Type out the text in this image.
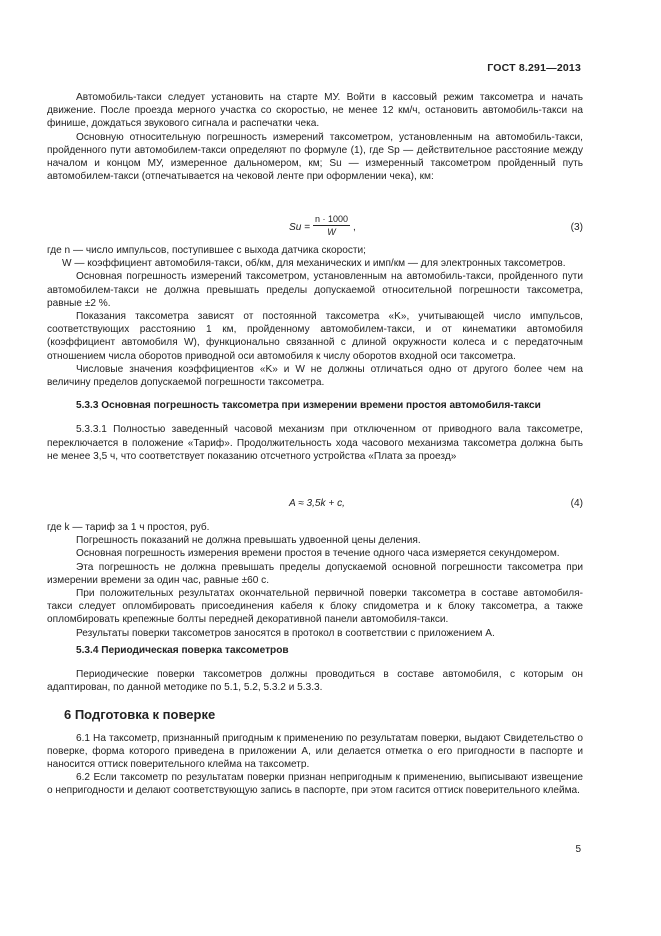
ГОСТ 8.291—2013

Автомобиль-такси следует установить на старте МУ. Войти в кассовый режим таксометра и начать движение. После проезда мерного участка со скоростью, не менее 12 км/ч, остановить автомобиль-такси на финише, дождаться звукового сигнала и распечатки чека.

Основную относительную погрешность измерений таксометром, установленным на автомобиль-такси, пройденного пути автомобилем-такси определяют по формуле (1), где Sp — действительное расстояние между началом и концом МУ, измеренное дальномером, км; Su — измеренный таксометром пройденный путь автомобилем-такси (отпечатывается на чековой ленте при оформлении чека), км:

$Su = \frac{n \cdot 1000}{W}$ ,	(3)

где n — число импульсов, поступившее с выхода датчика скорости;

W — коэффициент автомобиля-такси, об/км, для механических и имп/км — для электронных таксометров.

Основная погрешность измерений таксометром, установленным на автомобиль-такси, пройденного пути автомобилем-такси не должна превышать пределы допускаемой относительной погрешности таксометра, равные ±2 %.

Показания таксометра зависят от постоянной таксометра «K», учитывающей число импульсов, соответствующих расстоянию 1 км, пройденному автомобилем-такси, и от кинематики автомобиля (коэффициент автомобиля W), функционально связанной с длиной окружности колеса и с передаточным отношением числа оборотов приводной оси автомобиля к числу оборотов входной оси таксометра.

Числовые значения коэффициентов «K» и W не должны отличаться одно от другого более чем на величину пределов допускаемой погрешности таксометра.

5.3.3 Основная погрешность таксометра при измерении времени простоя автомобиля-такси

5.3.3.1 Полностью заведенный часовой механизм при отключенном от приводного вала таксометре, переключается в положение «Тариф». Продолжительность хода часового механизма таксометра должна быть не менее 3,5 ч, что соответствует показанию отсчетного устройства «Плата за проезд»

A ≈ 3,5k + c,	(4)

где k — тариф за 1 ч простоя, руб.

Погрешность показаний не должна превышать удвоенной цены деления.

Основная погрешность измерения времени простоя в течение одного часа измеряется секундомером.

Эта погрешность не должна превышать пределы допускаемой основной погрешности таксометра при измерении времени за один час, равные ±60 с.

При положительных результатах окончательной первичной поверки таксометра в составе автомобиля-такси следует опломбировать присоединения кабеля к блоку спидометра и к блоку таксометра, а также опломбировать крепежные болты передней декоративной панели автомобиля-такси.

Результаты поверки таксометров заносятся в протокол в соответствии с приложением А.

5.3.4 Периодическая поверка таксометров

Периодические поверки таксометров должны проводиться в составе автомобиля, с которым он адаптирован, по данной методике по 5.1, 5.2, 5.3.2 и 5.3.3.

6 Подготовка к поверке

6.1 На таксометр, признанный пригодным к применению по результатам поверки, выдают Свидетельство о поверке, форма которого приведена в приложении А, или делается отметка о его пригодности в паспорте и наносится оттиск поверительного клейма на таксометр.

6.2 Если таксометр по результатам поверки признан непригодным к применению, выписывают извещение о непригодности и делают соответствующую запись в паспорте, при этом гасится оттиск поверительного клейма.

5
